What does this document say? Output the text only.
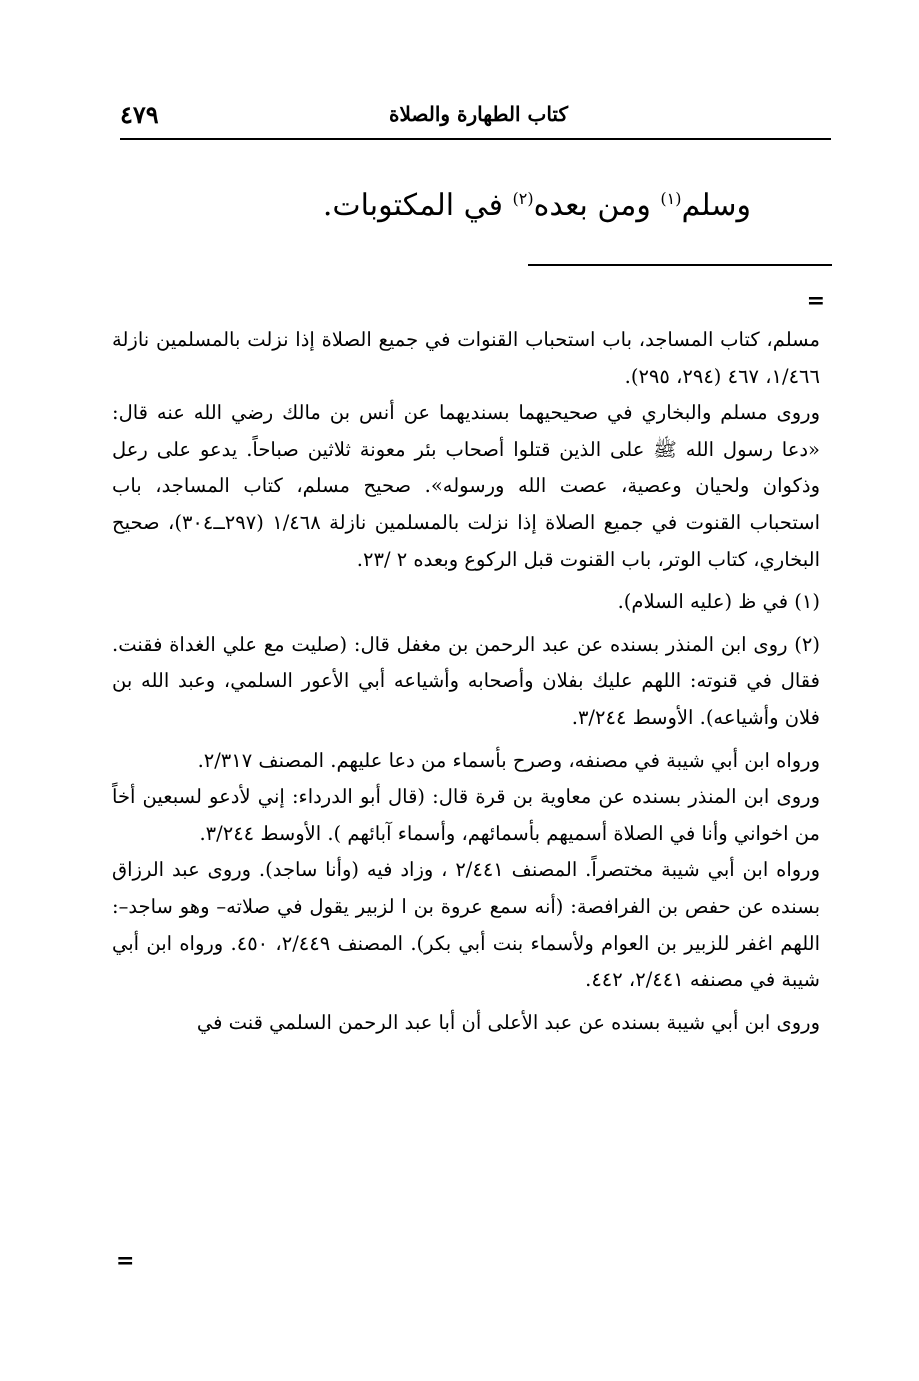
كتاب الطهارة والصلاة
٤٧٩
وسلم$^{(١)}$ ومن بعده$^{(٢)}$ في المكتوبات.
=

مسلم، كتاب المساجد، باب استحباب القنوات في جميع الصلاة إذا نزلت بالمسلمين نازلة ١/٤٦٦، ٤٦٧ (٢٩٤، ٢٩٥).

وروى مسلم والبخاري في صحيحيهما بسنديهما عن أنس بن مالك رضي الله عنه قال: «دعا رسول الله ﷺ على الذين قتلوا أصحاب بئر معونة ثلاثين صباحاً. يدعو على رعل وذكوان ولحيان وعصية، عصت الله ورسوله». صحيح مسلم، كتاب المساجد، باب استحباب القنوت في جميع الصلاة إذا نزلت بالمسلمين نازلة ١/٤٦٨ (٢٩٧ــ٣٠٤)، صحيح البخاري، كتاب الوتر، باب القنوت قبل الركوع وبعده ٢ /٢٣.

(١) في ظ (عليه السلام).

(٢) روى ابن المنذر بسنده عن عبد الرحمن بن مغفل قال: (صليت مع علي الغداة فقنت. فقال في قنوته: اللهم عليك بفلان وأصحابه وأشياعه أبي الأعور السلمي، وعبد الله بن فلان وأشياعه). الأوسط ٣/٢٤٤.

ورواه ابن أبي شيبة في مصنفه، وصرح بأسماء من دعا عليهم. المصنف ٢/٣١٧.

وروى ابن المنذر بسنده عن معاوية بن قرة قال: (قال أبو الدرداء: إني لأدعو لسبعين أخاً من اخواني وأنا في الصلاة أسميهم بأسمائهم، وأسماء آبائهم ). الأوسط ٣/٢٤٤.

ورواه ابن أبي شيبة مختصراً. المصنف ٢/٤٤١ ، وزاد فيه (وأنا ساجد). وروى عبد الرزاق بسنده عن حفص بن الفرافصة: (أنه سمع عروة بن ا لزبير يقول في صلاته– وهو ساجد–: اللهم اغفر للزبير بن العوام ولأسماء بنت أبي بكر). المصنف ٢/٤٤٩، ٤٥٠. ورواه ابن أبي شيبة في مصنفه ٢/٤٤١، ٤٤٢.

وروى ابن أبي شيبة بسنده عن عبد الأعلى أن أبا عبد الرحمن السلمي قنت في

=
